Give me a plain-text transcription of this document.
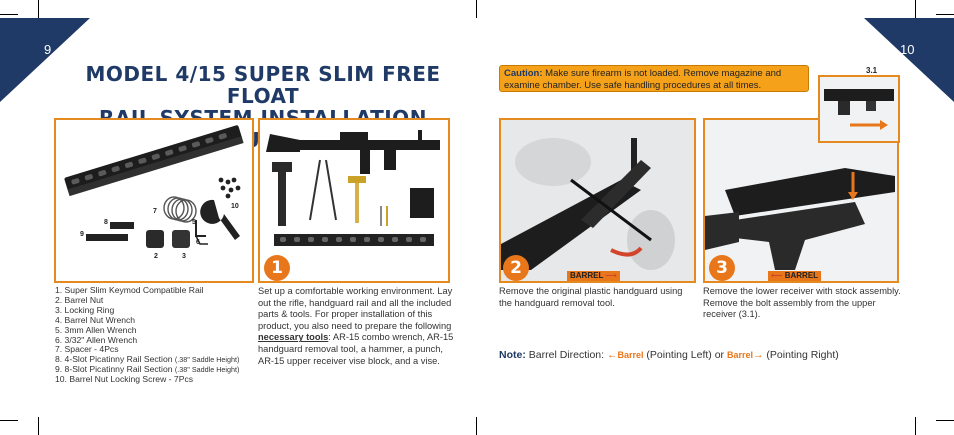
9	10
MODEL 4/15 SUPER SLIM FREE FLOAT
Caution: Make sure firearm is not loaded. Remove magazine and examine chamber. Use safe handling procedures at all times.
1
2	3
4
5
6
7
8
9
10
1. Super Slim Keymod Compatible Rail
2. Barrel Nut
3. Locking Ring
4. Barrel Nut Wrench
5. 3mm Allen Wrench
6. 3/32" Allen Wrench
7. Spacer - 4Pcs
8. 4-Slot Picatinny Rail Section (.38" Saddle Height)
9. 8-Slot Picatinny Rail Section (.38" Saddle Height)
10. Barrel Nut Locking Screw - 7Pcs
1
Set up a comfortable working environment. Lay out the rifle, handguard rail and all the included parts & tools. For proper installation of this product, you also need to prepare the following necessary tools: AR-15 combo wrench, AR-15 handguard removal tool, a hammer, a punch, AR-15 upper receiver vise block, and a vise.
2	BARREL ⟶
Remove the original plastic handguard using the handguard removal tool.
3.1
3	⟵ BARREL
Remove the lower receiver with stock assembly. Remove the bolt assembly from the upper receiver (3.1).
Note: Barrel Direction: ←Barrel (Pointing Left) or Barrel→ (Pointing Right)
